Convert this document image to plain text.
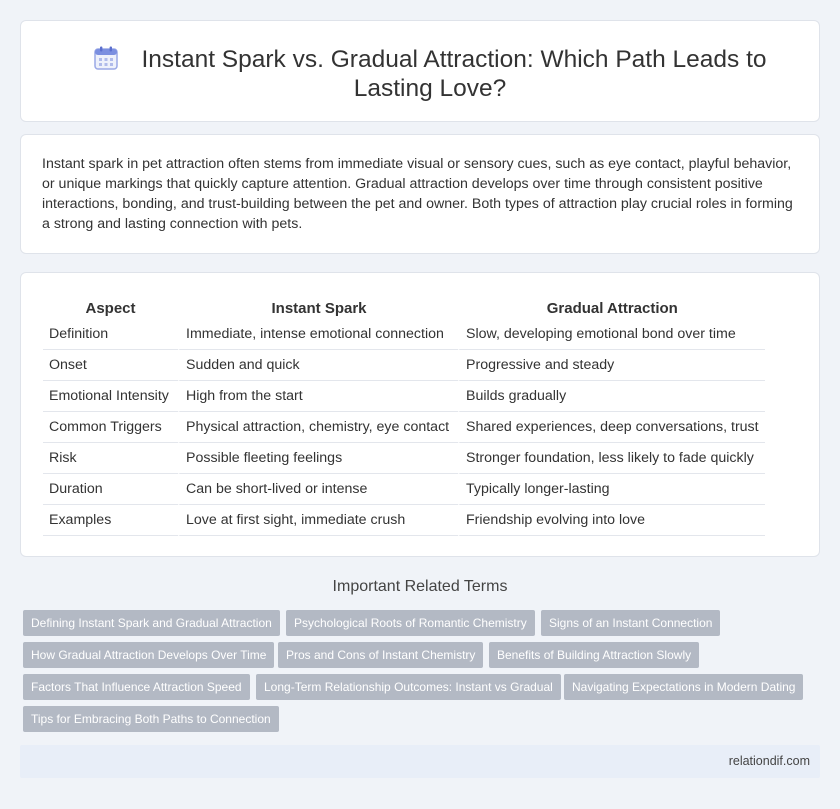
Instant Spark vs. Gradual Attraction: Which Path Leads to Lasting Love?

Instant spark in pet attraction often stems from immediate visual or sensory cues, such as eye contact, playful behavior, or unique markings that quickly capture attention. Gradual attraction develops over time through consistent positive interactions, bonding, and trust-building between the pet and owner. Both types of attraction play crucial roles in forming a strong and lasting connection with pets.

Aspect	Instant Spark	Gradual Attraction
Definition	Immediate, intense emotional connection	Slow, developing emotional bond over time
Onset	Sudden and quick	Progressive and steady
Emotional Intensity	High from the start	Builds gradually
Common Triggers	Physical attraction, chemistry, eye contact	Shared experiences, deep conversations, trust
Risk	Possible fleeting feelings	Stronger foundation, less likely to fade quickly
Duration	Can be short-lived or intense	Typically longer-lasting
Examples	Love at first sight, immediate crush	Friendship evolving into love
Important Related Terms
Defining Instant Spark and Gradual Attraction	Psychological Roots of Romantic Chemistry	Signs of an Instant Connection
How Gradual Attraction Develops Over Time	Pros and Cons of Instant Chemistry	Benefits of Building Attraction Slowly
Factors That Influence Attraction Speed	Long-Term Relationship Outcomes: Instant vs Gradual	Navigating Expectations in Modern Dating
Tips for Embracing Both Paths to Connection
relationdif.com
